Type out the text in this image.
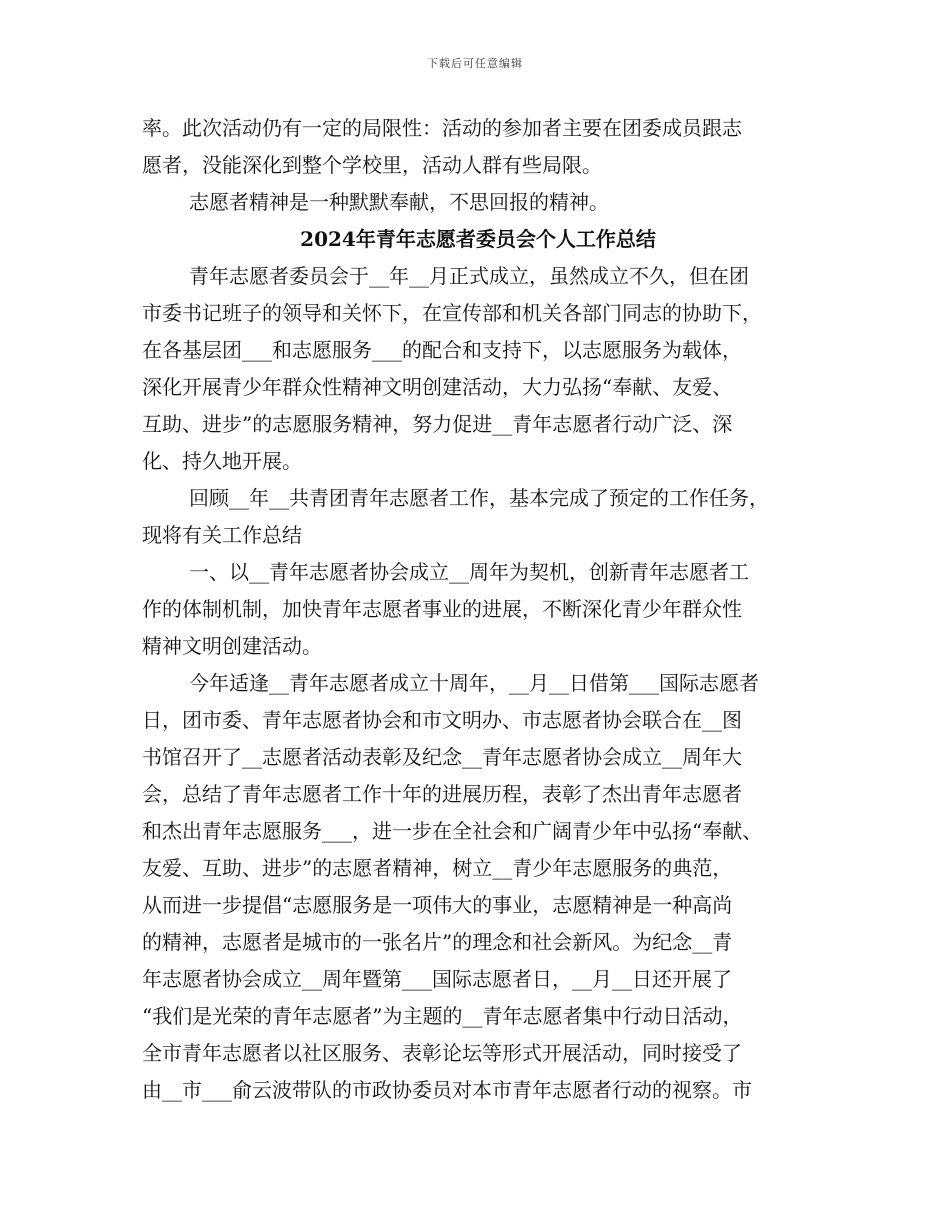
下载后可任意编辑
率。此次活动仍有一定的局限性：活动的参加者主要在团委成员跟志
愿者，没能深化到整个学校里，活动人群有些局限。
志愿者精神是一种默默奉献，不思回报的精神。
2024年青年志愿者委员会个人工作总结
青年志愿者委员会于__年__月正式成立，虽然成立不久，但在团
市委书记班子的领导和关怀下，在宣传部和机关各部门同志的协助下，
在各基层团___和志愿服务___的配合和支持下，以志愿服务为载体，
深化开展青少年群众性精神文明创建活动，大力弘扬“奉献、友爱、
互助、进步”的志愿服务精神，努力促进__青年志愿者行动广泛、深
化、持久地开展。
回顾__年__共青团青年志愿者工作，基本完成了预定的工作任务，
现将有关工作总结
一、以__青年志愿者协会成立__周年为契机，创新青年志愿者工
作的体制机制，加快青年志愿者事业的进展，不断深化青少年群众性
精神文明创建活动。
今年适逢__青年志愿者成立十周年，__月__日借第___国际志愿者
日，团市委、青年志愿者协会和市文明办、市志愿者协会联合在__图
书馆召开了__志愿者活动表彰及纪念__青年志愿者协会成立__周年大
会，总结了青年志愿者工作十年的进展历程，表彰了杰出青年志愿者
和杰出青年志愿服务___，进一步在全社会和广阔青少年中弘扬“奉献、
友爱、互助、进步”的志愿者精神，树立__青少年志愿服务的典范，
从而进一步提倡“志愿服务是一项伟大的事业，志愿精神是一种高尚
的精神，志愿者是城市的一张名片”的理念和社会新风。为纪念__青
年志愿者协会成立__周年暨第___国际志愿者日，__月__日还开展了
“我们是光荣的青年志愿者”为主题的__青年志愿者集中行动日活动，
全市青年志愿者以社区服务、表彰论坛等形式开展活动，同时接受了
由__市___俞云波带队的市政协委员对本市青年志愿者行动的视察。市
